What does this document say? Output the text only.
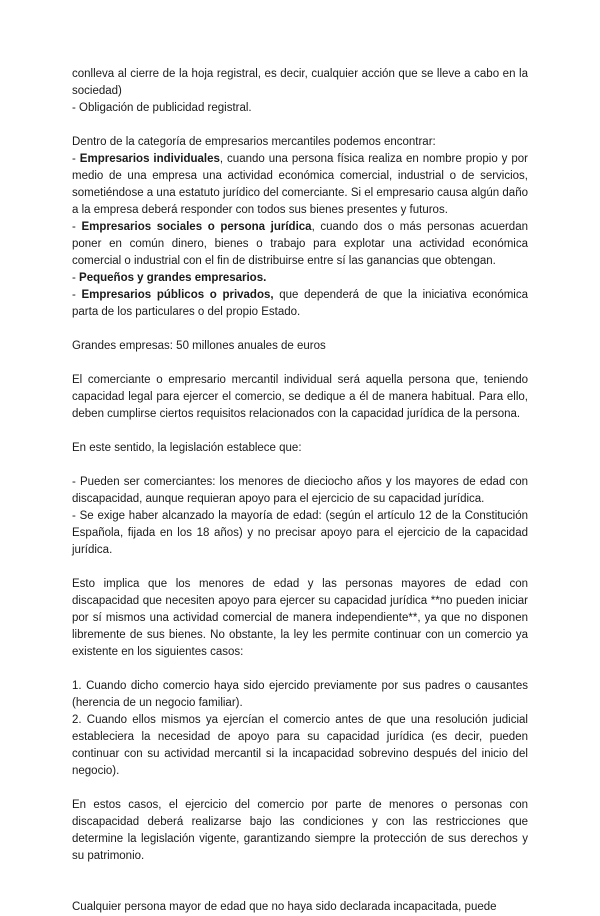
conlleva al cierre de la hoja registral, es decir, cualquier acción que se lleve a cabo en la sociedad)

- Obligación de publicidad registral.

Dentro de la categoría de empresarios mercantiles podemos encontrar:

- Empresarios individuales, cuando una persona física realiza en nombre propio y por medio de una empresa una actividad económica comercial, industrial o de servicios, sometiéndose a una estatuto jurídico del comerciante. Si el empresario causa algún daño a la empresa deberá responder con todos sus bienes presentes y futuros.

- Empresarios sociales o persona jurídica, cuando dos o más personas acuerdan poner en común dinero, bienes o trabajo para explotar una actividad económica comercial o industrial con el fin de distribuirse entre sí las ganancias que obtengan.

- Pequeños y grandes empresarios.

- Empresarios públicos o privados, que dependerá de que la iniciativa económica parta de los particulares o del propio Estado.

Grandes empresas: 50 millones anuales de euros

El comerciante o empresario mercantil individual será aquella persona que, teniendo capacidad legal para ejercer el comercio, se dedique a él de manera habitual. Para ello, deben cumplirse ciertos requisitos relacionados con la capacidad jurídica de la persona.

En este sentido, la legislación establece que:

- Pueden ser comerciantes: los menores de dieciocho años y los mayores de edad con discapacidad, aunque requieran apoyo para el ejercicio de su capacidad jurídica.

- Se exige haber alcanzado la mayoría de edad: (según el artículo 12 de la Constitución Española, fijada en los 18 años) y no precisar apoyo para el ejercicio de la capacidad jurídica.

Esto implica que los menores de edad y las personas mayores de edad con discapacidad que necesiten apoyo para ejercer su capacidad jurídica **no pueden iniciar por sí mismos una actividad comercial de manera independiente**, ya que no disponen libremente de sus bienes. No obstante, la ley les permite continuar con un comercio ya existente en los siguientes casos:

1. Cuando dicho comercio haya sido ejercido previamente por sus padres o causantes (herencia de un negocio familiar).

2. Cuando ellos mismos ya ejercían el comercio antes de que una resolución judicial estableciera la necesidad de apoyo para su capacidad jurídica (es decir, pueden continuar con su actividad mercantil si la incapacidad sobrevino después del inicio del negocio).

En estos casos, el ejercicio del comercio por parte de menores o personas con discapacidad deberá realizarse bajo las condiciones y con las restricciones que determine la legislación vigente, garantizando siempre la protección de sus derechos y su patrimonio.

Cualquier persona mayor de edad que no haya sido declarada incapacitada, puede
